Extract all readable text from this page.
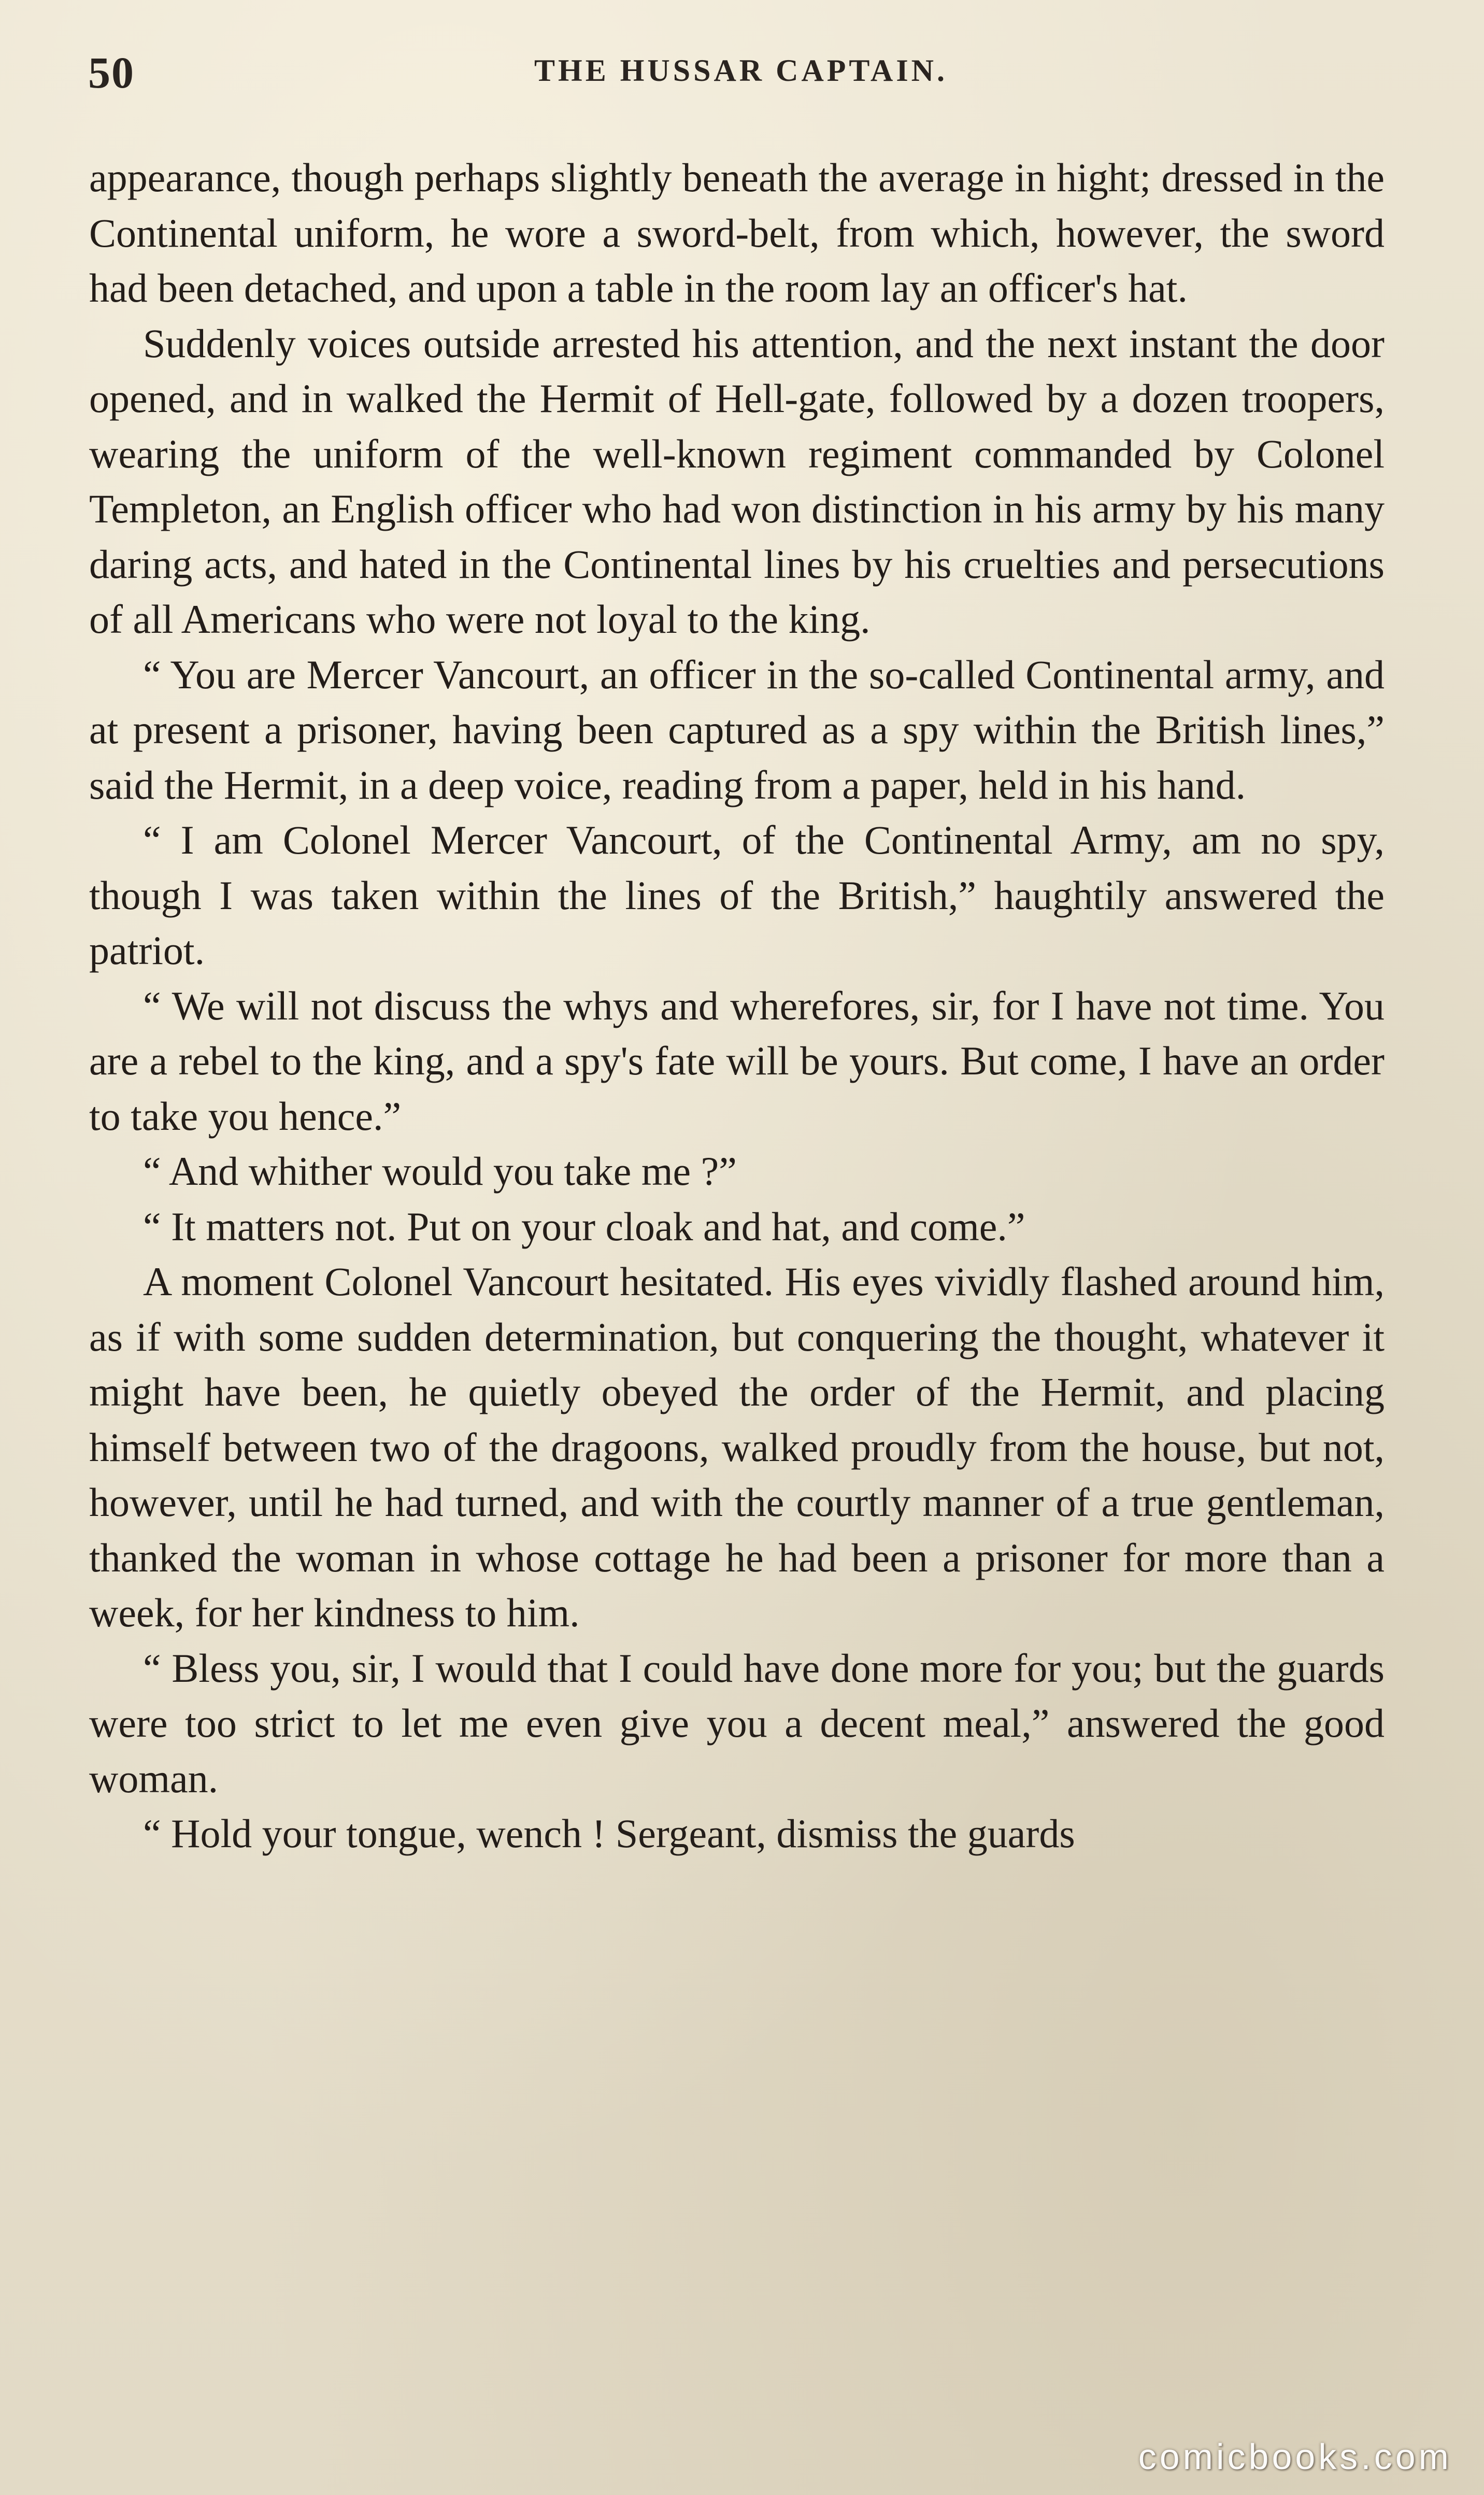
50	THE HUSSAR CAPTAIN.

appearance, though perhaps slightly beneath the average in hight; dressed in the Continental uniform, he wore a sword-belt, from which, however, the sword had been detached, and upon a table in the room lay an officer's hat.

Suddenly voices outside arrested his attention, and the next instant the door opened, and in walked the Hermit of Hell-gate, followed by a dozen troopers, wearing the uniform of the well-known regiment commanded by Colonel Templeton, an English officer who had won distinction in his army by his many daring acts, and hated in the Continental lines by his cruelties and persecutions of all Americans who were not loyal to the king.

“ You are Mercer Vancourt, an officer in the so-called Continental army, and at present a prisoner, having been captured as a spy within the British lines,” said the Hermit, in a deep voice, reading from a paper, held in his hand.

“ I am Colonel Mercer Vancourt, of the Continental Army, am no spy, though I was taken within the lines of the British,” haughtily answered the patriot.

“ We will not discuss the whys and wherefores, sir, for I have not time. You are a rebel to the king, and a spy's fate will be yours. But come, I have an order to take you hence.”

“ And whither would you take me ?”

“ It matters not. Put on your cloak and hat, and come.”

A moment Colonel Vancourt hesitated. His eyes vividly flashed around him, as if with some sudden determination, but conquering the thought, whatever it might have been, he quietly obeyed the order of the Hermit, and placing himself between two of the dragoons, walked proudly from the house, but not, however, until he had turned, and with the courtly manner of a true gentleman, thanked the woman in whose cottage he had been a prisoner for more than a week, for her kindness to him.

“ Bless you, sir, I would that I could have done more for you; but the guards were too strict to let me even give you a decent meal,” answered the good woman.

“ Hold your tongue, wench ! Sergeant, dismiss the guards

comicbooks.com
